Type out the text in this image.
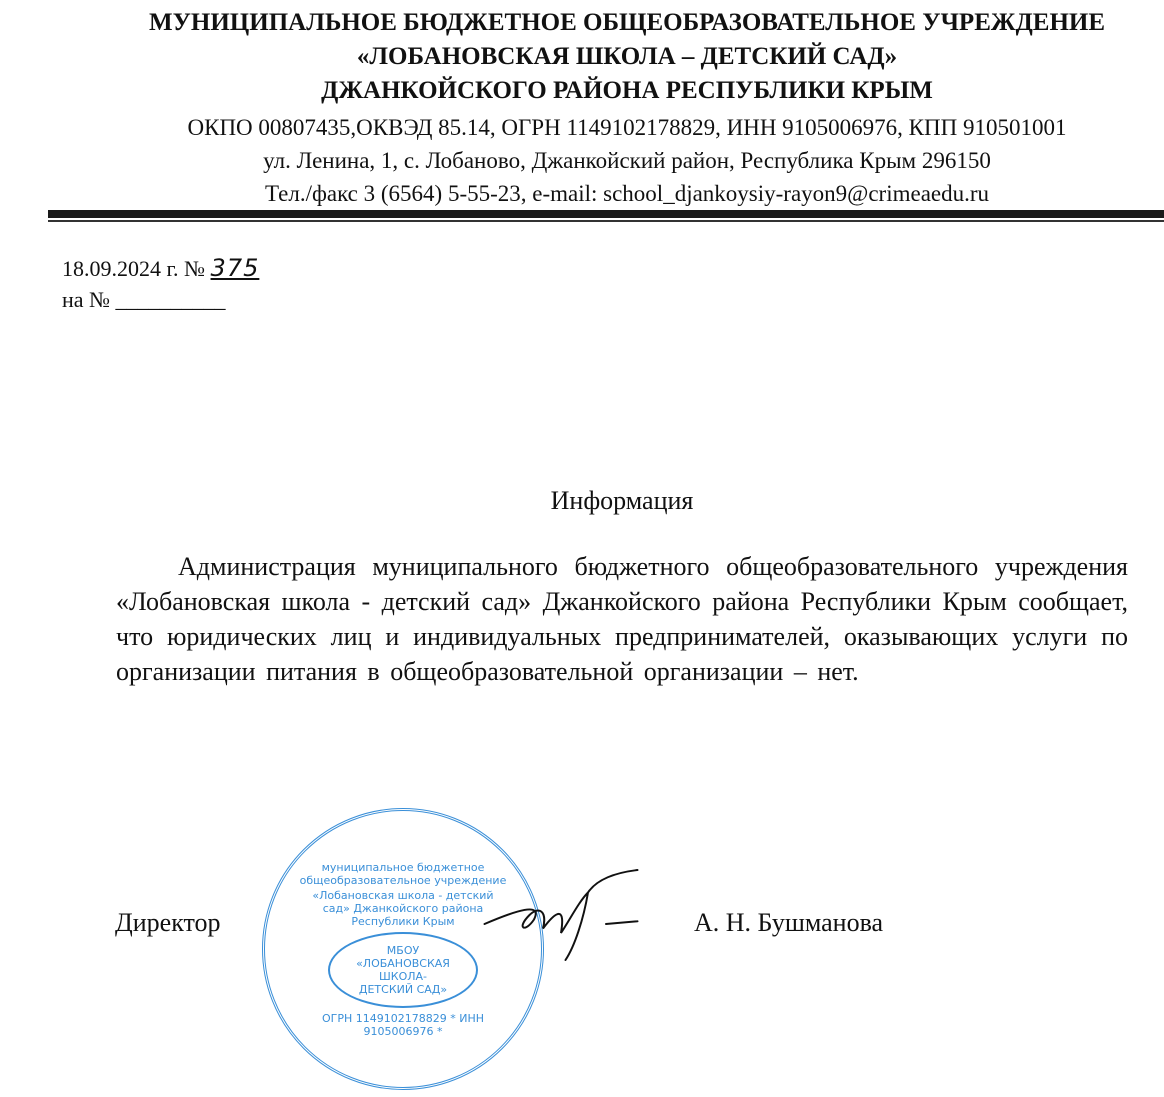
МУНИЦИПАЛЬНОЕ БЮДЖЕТНОЕ ОБЩЕОБРАЗОВАТЕЛЬНОЕ УЧРЕЖДЕНИЕ
«ЛОБАНОВСКАЯ ШКОЛА – ДЕТСКИЙ САД»
ДЖАНКОЙСКОГО РАЙОНА РЕСПУБЛИКИ КРЫМ
ОКПО 00807435,ОКВЭД 85.14, ОГРН 1149102178829, ИНН 9105006976, КПП 910501001
ул. Ленина, 1, с. Лобаново, Джанкойский район, Республика Крым 296150
Тел./факс 3 (6564) 5-55-23, e-mail: school_djankoysiy-rayon9@crimeaedu.ru
18.09.2024 г. № 375
на № __________
Информация
Администрация муниципального бюджетного общеобразовательного учреждения «Лобановская школа - детский сад» Джанкойского района Республики Крым сообщает, что юридических лиц и индивидуальных предпринимателей, оказывающих услуги по организации питания в общеобразовательной организации – нет.
Директор	А. Н. Бушманова
муниципальное бюджетное общеобразовательное учреждение
«Лобановская школа - детский сад» Джанкойского района Республики Крым
МБОУ
«ЛОБАНОВСКАЯ
ШКОЛА-
ДЕТСКИЙ САД»
ОГРН 1149102178829 * ИНН 9105006976 *
